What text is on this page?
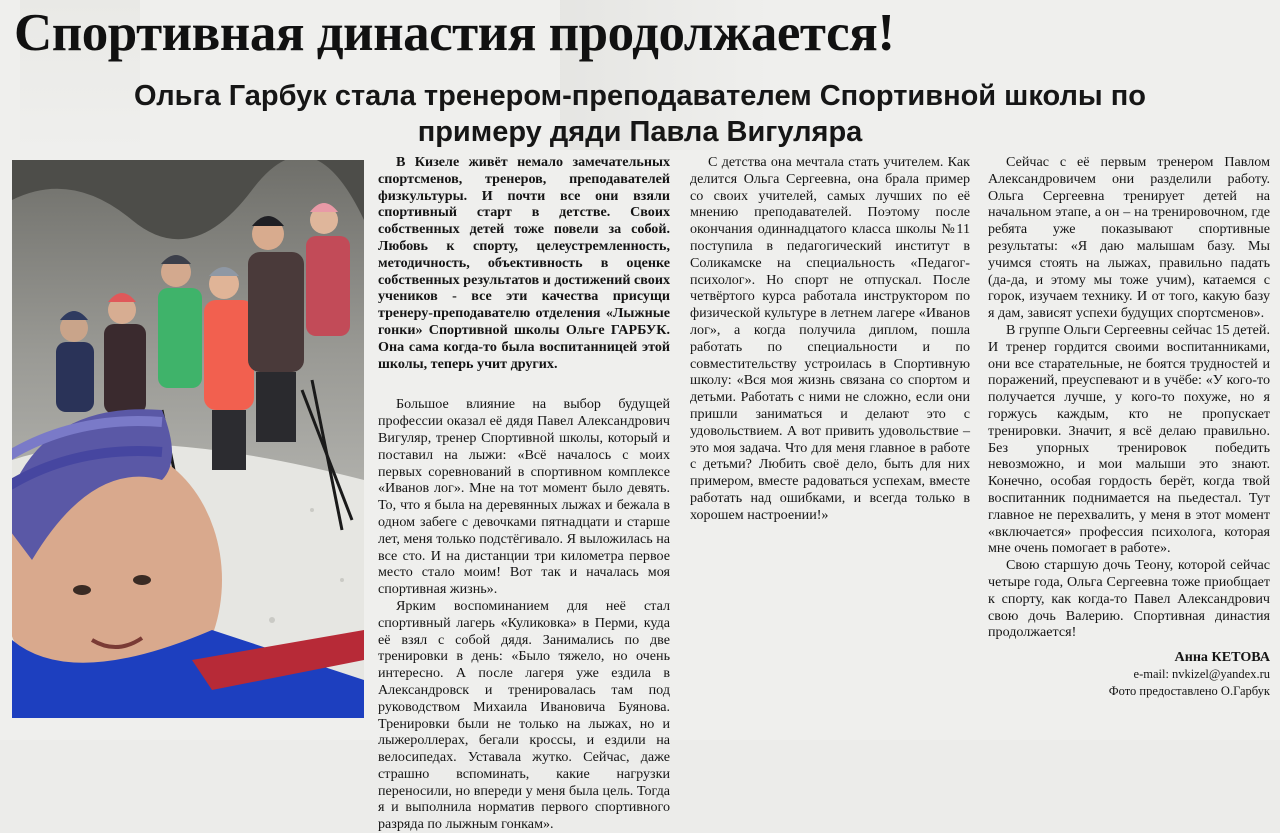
Спортивная династия продолжается!
Ольга Гарбук стала тренером-преподавателем Спортивной школы по примеру дяди Павла Вигуляра

В Кизеле живёт немало замечательных спортсменов, тренеров, преподавателей физкультуры. И почти все они взяли спортивный старт в детстве. Своих собственных детей тоже повели за собой. Любовь к спорту, целеустремленность, методичность, объективность в оценке собственных результатов и достижений своих учеников - все эти качества присущи тренеру-преподавателю отделения «Лыжные гонки» Спортивной школы Ольге ГАРБУК. Она сама когда-то была воспитанницей этой школы, теперь учит других.

Большое влияние на выбор будущей профессии оказал её дядя Павел Александрович Вигуляр, тренер Спортивной школы, который и поставил на лыжи: «Всё началось с моих первых соревнований в спортивном комплексе «Иванов лог». Мне на тот момент было девять. То, что я была на деревянных лыжах и бежала в одном забеге с девочками пятнадцати и старше лет, меня только подстёгивало. Я выложилась на все сто. И на дистанции три километра первое место стало моим! Вот так и началась моя спортивная жизнь».

Ярким воспоминанием для неё стал спортивный лагерь «Куликовка» в Перми, куда её взял с собой дядя. Занимались по две тренировки в день: «Было тяжело, но очень интересно. А после лагеря уже ездила в Александровск и тренировалась там под руководством Михаила Ивановича Буянова. Тренировки были не только на лыжах, но и лыжероллерах, бегали кроссы, и ездили на велосипедах. Уставала жутко. Сейчас, даже страшно вспоминать, какие нагрузки переносили, но впереди у меня была цель. Тогда я и выполнила норматив первого спортивного разряда по лыжным гонкам».

С детства она мечтала стать учителем. Как делится Ольга Сергеевна, она брала пример со своих учителей, самых лучших по её мнению преподавателей. Поэтому после окончания одиннадцатого класса школы №11 поступила в педагогический институт в Соликамске на специальность «Педагог-психолог». Но спорт не отпускал. После четвёртого курса работала инструктором по физической культуре в летнем лагере «Иванов лог», а когда получила диплом, пошла работать по специальности и по совместительству устроилась в Спортивную школу: «Вся моя жизнь связана со спортом и детьми. Работать с ними не сложно, если они пришли заниматься и делают это с удовольствием. А вот привить удовольствие – это моя задача. Что для меня главное в работе с детьми? Любить своё дело, быть для них примером, вместе радоваться успехам, вместе работать над ошибками, и всегда только в хорошем настроении!»

Сейчас с её первым тренером Павлом Александровичем они разделили работу. Ольга Сергеевна тренирует детей на начальном этапе, а он – на тренировочном, где ребята уже показывают спортивные результаты: «Я даю малышам базу. Мы учимся стоять на лыжах, правильно падать (да-да, и этому мы тоже учим), катаемся с горок, изучаем технику. И от того, какую базу я дам, зависят успехи будущих спортсменов».

В группе Ольги Сергеевны сейчас 15 детей. И тренер гордится своими воспитанниками, они все старательные, не боятся трудностей и поражений, преуспевают и в учёбе: «У кого-то получается лучше, у кого-то похуже, но я горжусь каждым, кто не пропускает тренировки. Значит, я всё делаю правильно. Без упорных тренировок победить невозможно, и мои малыши это знают. Конечно, особая гордость берёт, когда твой воспитанник поднимается на пьедестал. Тут главное не перехвалить, у меня в этот момент «включается» профессия психолога, которая мне очень помогает в работе».

Свою старшую дочь Теону, которой сейчас четыре года, Ольга Сергеевна тоже приобщает к спорту, как когда-то Павел Александрович свою дочь Валерию. Спортивная династия продолжается!

Анна КЕТОВА

e-mail: nvkizel@yandex.ru

Фото предоставлено О.Гарбук
